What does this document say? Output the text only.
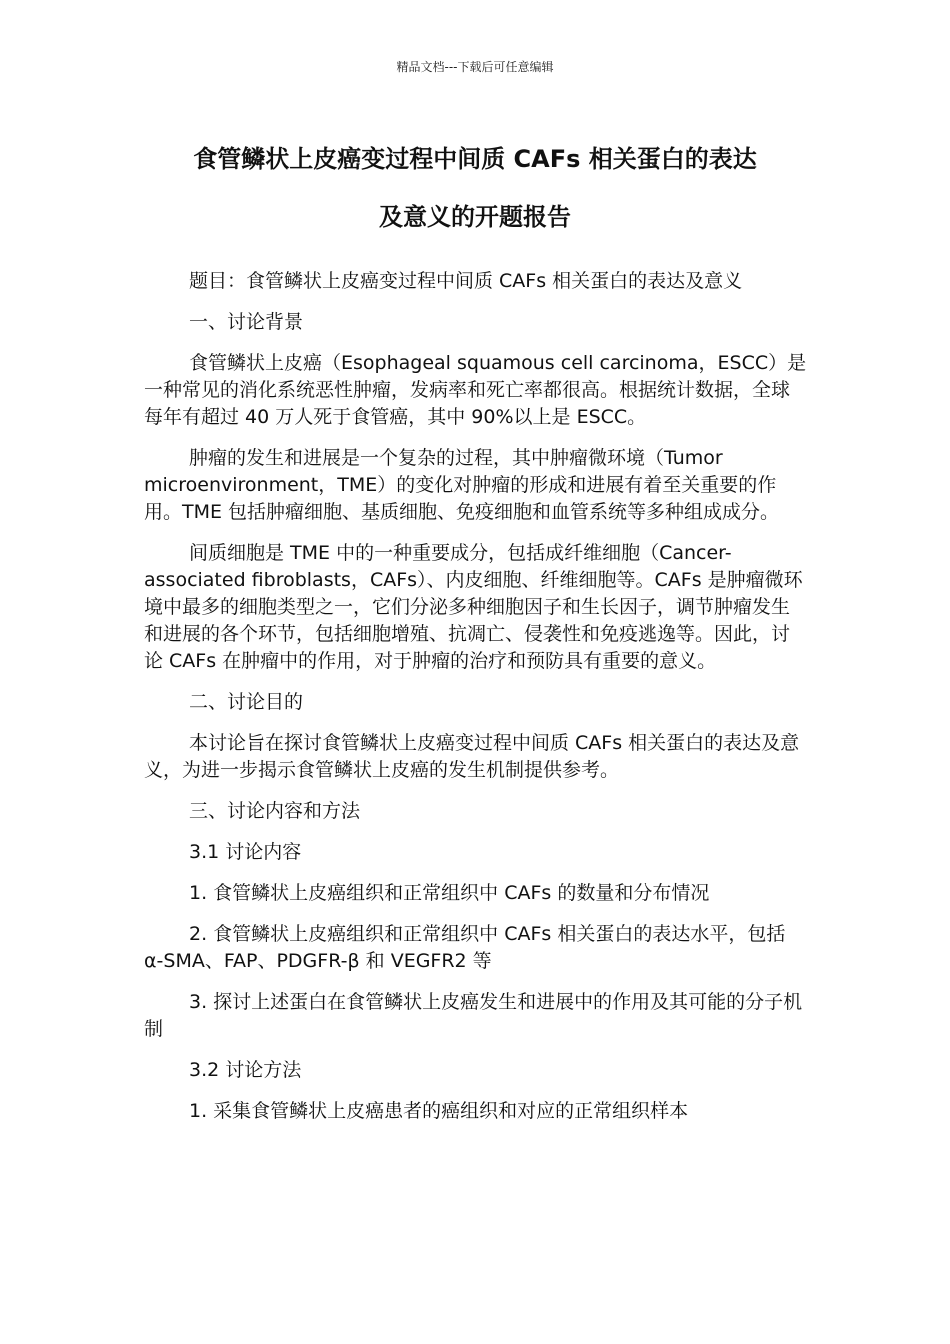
精品文档---下载后可任意编辑
食管鳞状上皮癌变过程中间质 CAFs 相关蛋白的表达
及意义的开题报告

题目：食管鳞状上皮癌变过程中间质 CAFs 相关蛋白的表达及意义

一、讨论背景

食管鳞状上皮癌（Esophageal squamous cell carcinoma，ESCC）是一种常见的消化系统恶性肿瘤，发病率和死亡率都很高。根据统计数据，全球每年有超过 40 万人死于食管癌，其中 90%以上是 ESCC。

肿瘤的发生和进展是一个复杂的过程，其中肿瘤微环境（Tumor microenvironment，TME）的变化对肿瘤的形成和进展有着至关重要的作用。TME 包括肿瘤细胞、基质细胞、免疫细胞和血管系统等多种组成成分。

间质细胞是 TME 中的一种重要成分，包括成纤维细胞（Cancer-associated fibroblasts，CAFs）、内皮细胞、纤维细胞等。CAFs 是肿瘤微环境中最多的细胞类型之一，它们分泌多种细胞因子和生长因子，调节肿瘤发生和进展的各个环节，包括细胞增殖、抗凋亡、侵袭性和免疫逃逸等。因此，讨论 CAFs 在肿瘤中的作用，对于肿瘤的治疗和预防具有重要的意义。

二、讨论目的

本讨论旨在探讨食管鳞状上皮癌变过程中间质 CAFs 相关蛋白的表达及意义，为进一步揭示食管鳞状上皮癌的发生机制提供参考。

三、讨论内容和方法

3.1 讨论内容

1. 食管鳞状上皮癌组织和正常组织中 CAFs 的数量和分布情况

2. 食管鳞状上皮癌组织和正常组织中 CAFs 相关蛋白的表达水平，包括 α-SMA、FAP、PDGFR-β 和 VEGFR2 等

3. 探讨上述蛋白在食管鳞状上皮癌发生和进展中的作用及其可能的分子机制

3.2 讨论方法

1. 采集食管鳞状上皮癌患者的癌组织和对应的正常组织样本
